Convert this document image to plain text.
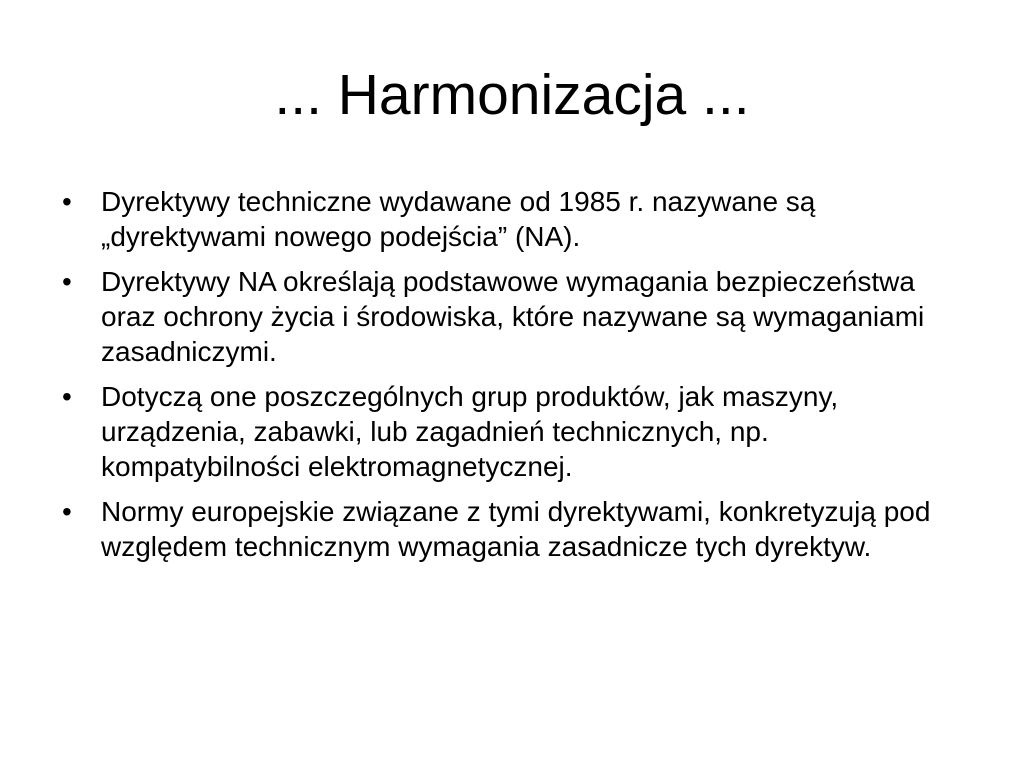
... Harmonizacja ...
•	Dyrektywy techniczne wydawane od 1985 r. nazywane są „dyrektywami nowego podejścia” (NA).
•	Dyrektywy NA określają podstawowe wymagania bezpieczeństwa oraz ochrony życia i środowiska, które nazywane są wymaganiami zasadniczymi.
•	Dotyczą one poszczególnych grup produktów, jak maszyny, urządzenia, zabawki, lub zagadnień technicznych, np. kompatybilności elektromagnetycznej.
•	Normy europejskie związane z tymi dyrektywami, konkretyzują pod względem technicznym wymagania zasadnicze tych dyrektyw.
